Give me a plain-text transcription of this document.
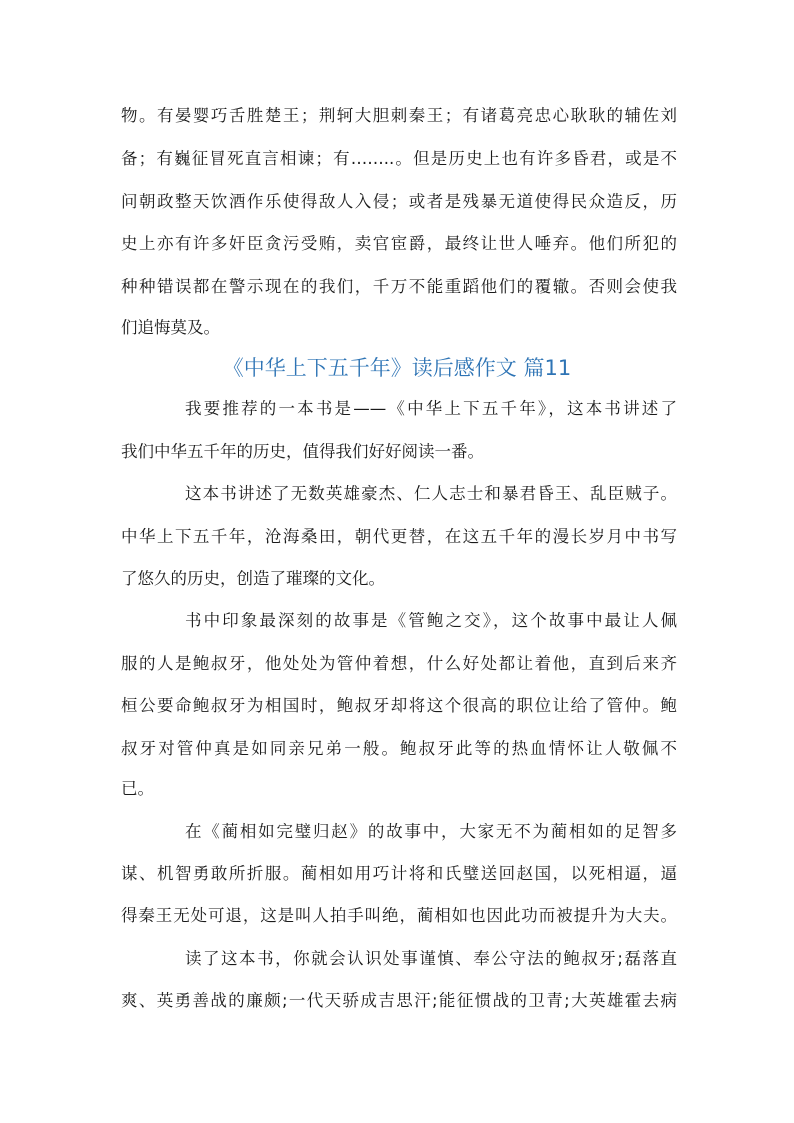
物。有晏婴巧舌胜楚王；荆轲大胆刺秦王；有诸葛亮忠心耿耿的辅佐刘
备；有巍征冒死直言相谏；有……..。但是历史上也有许多昏君，或是不
问朝政整天饮酒作乐使得敌人入侵；或者是残暴无道使得民众造反，历
史上亦有许多奸臣贪污受贿，卖官宦爵，最终让世人唾弃。他们所犯的
种种错误都在警示现在的我们，千万不能重蹈他们的覆辙。否则会使我
们追悔莫及。
《中华上下五千年》读后感作文 篇11
我要推荐的一本书是——《中华上下五千年》，这本书讲述了
我们中华五千年的历史，值得我们好好阅读一番。
这本书讲述了无数英雄豪杰、仁人志士和暴君昏王、乱臣贼子。
中华上下五千年，沧海桑田，朝代更替，在这五千年的漫长岁月中书写
了悠久的历史，创造了璀璨的文化。
书中印象最深刻的故事是《管鲍之交》，这个故事中最让人佩
服的人是鲍叔牙，他处处为管仲着想，什么好处都让着他，直到后来齐
桓公要命鲍叔牙为相国时，鲍叔牙却将这个很高的职位让给了管仲。鲍
叔牙对管仲真是如同亲兄弟一般。鲍叔牙此等的热血情怀让人敬佩不
已。
在《蔺相如完璧归赵》的故事中，大家无不为蔺相如的足智多
谋、机智勇敢所折服。蔺相如用巧计将和氏璧送回赵国，以死相逼，逼
得秦王无处可退，这是叫人拍手叫绝，蔺相如也因此功而被提升为大夫。
读了这本书，你就会认识处事谨慎、奉公守法的鲍叔牙;磊落直
爽、英勇善战的廉颇;一代天骄成吉思汗;能征惯战的卫青;大英雄霍去病
